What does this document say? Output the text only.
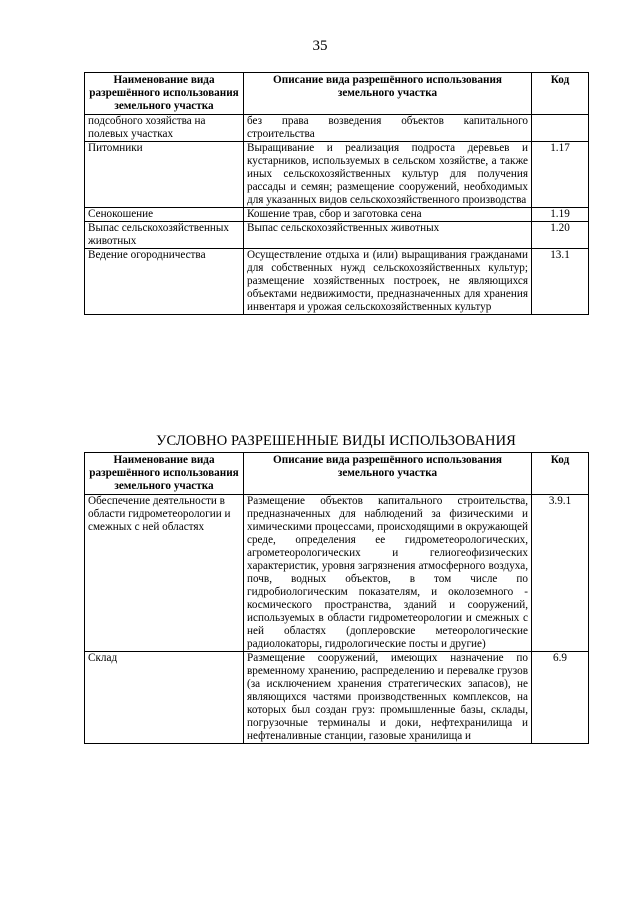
35
Наименование вида разрешённого использования земельного участка	Описание вида разрешённого использования земельного участка	Код
подсобного хозяйства на полевых участках	без права возведения объектов капитального строительства	
Питомники	Выращивание и реализация подроста деревьев и кустарников, используемых в сельском хозяйстве, а также иных сельскохозяйственных культур для получения рассады и семян; размещение сооружений, необходимых для указанных видов сельскохозяйственного производства	1.17
Сенокошение	Кошение трав, сбор и заготовка сена	1.19
Выпас сельскохозяйственных животных	Выпас сельскохозяйственных животных	1.20
Ведение огородничества	Осуществление отдыха и (или) выращивания гражданами для собственных нужд сельскохозяйственных культур; размещение хозяйственных построек, не являющихся объектами недвижимости, предназначенных для хранения инвентаря и урожая сельскохозяйственных культур	13.1
УСЛОВНО РАЗРЕШЕННЫЕ ВИДЫ ИСПОЛЬЗОВАНИЯ
Наименование вида разрешённого использования земельного участка	Описание вида разрешённого использования земельного участка	Код
Обеспечение деятельности в области гидрометеорологии и смежных с ней областях	Размещение объектов капитального строительства, предназначенных для наблюдений за физическими и химическими процессами, происходящими в окружающей среде, определения ее гидрометеорологических, агрометеорологических и гелиогеофизических характеристик, уровня загрязнения атмосферного воздуха, почв, водных объектов, в том числе по гидробиологическим показателям, и околоземного - космического пространства, зданий и сооружений, используемых в области гидрометеорологии и смежных с ней областях (доплеровские метеорологические радиолокаторы, гидрологические посты и другие)	3.9.1
Склад	Размещение сооружений, имеющих назначение по временному хранению, распределению и перевалке грузов (за исключением хранения стратегических запасов), не являющихся частями производственных комплексов, на которых был создан груз: промышленные базы, склады, погрузочные терминалы и доки, нефтехранилища и нефтеналивные станции, газовые хранилища и	6.9
